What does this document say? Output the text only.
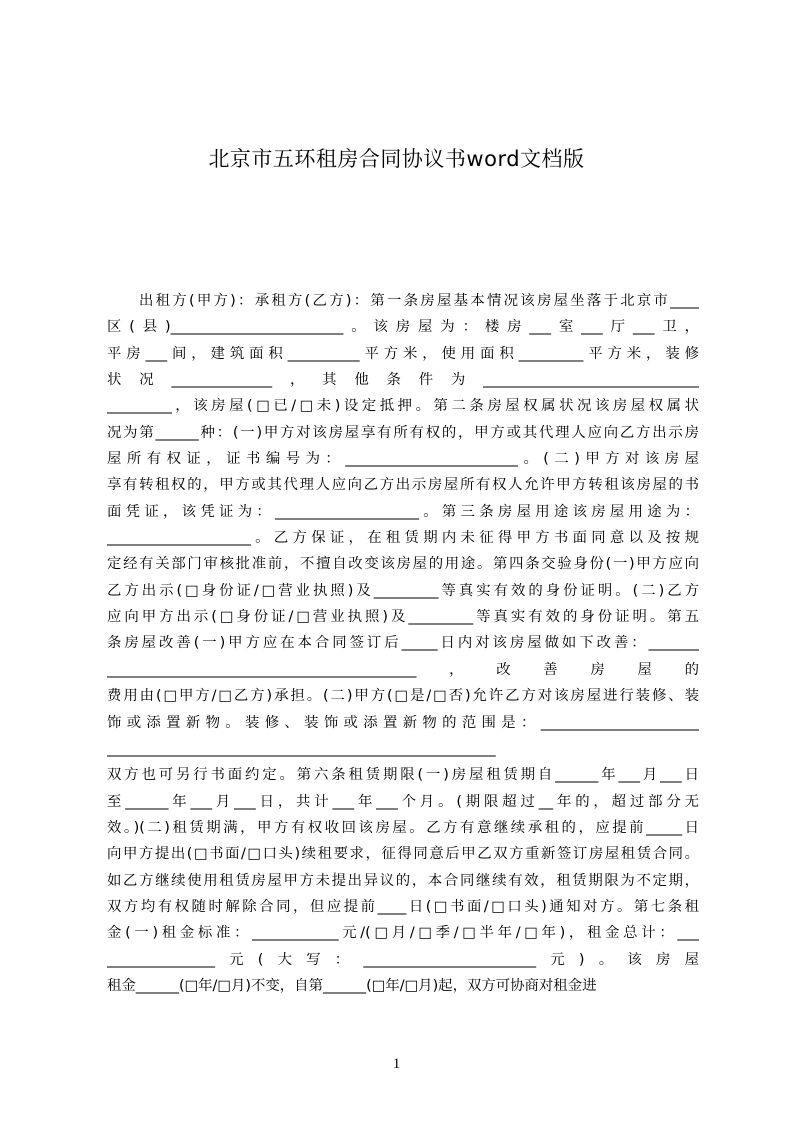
北京市五环租房合同协议书word文档版
出租方(甲方)：承租方(乙方)：第一条房屋基本情况该房屋坐落于北京市____
区(县)________________________。该房屋为：楼房___室___厅___卫，
平房___间，建筑面积__________平方米，使用面积_________平方米，装修
状况______________，其他条件为______________________________
_________，该房屋(□已/□未)设定抵押。第二条房屋权属状况该房屋权属状
况为第______种：(一)甲方对该房屋享有所有权的，甲方或其代理人应向乙方出示房
屋所有权证，证书编号为：________________________。(二)甲方对该房屋
享有转租权的，甲方或其代理人应向乙方出示房屋所有权人允许甲方转租该房屋的书
面凭证，该凭证为：____________________。第三条房屋用途该房屋用途为：
____________________。乙方保证，在租赁期内未征得甲方书面同意以及按规
定经有关部门审核批准前，不擅自改变该房屋的用途。第四条交验身份(一)甲方应向
乙方出示(□身份证/□营业执照)及_________等真实有效的身份证明。(二)乙方
应向甲方出示(□身份证/□营业执照)及_________等真实有效的身份证明。第五
条房屋改善(一)甲方应在本合同签订后_____日内对该房屋做如下改善：_______
___________________________________________，改善房屋的
费用由(□甲方/□乙方)承担。(二)甲方(□是/□否)允许乙方对该房屋进行装修、装
饰或添置新物。装修、装饰或添置新物的范围是：______________________
______________________________________________________
双方也可另行书面约定。第六条租赁期限(一)房屋租赁期自______年___月___日
至______年___月___日，共计___年___个月。(期限超过__年的，超过部分无
效。)(二)租赁期满，甲方有权收回该房屋。乙方有意继续承租的，应提前_____日
向甲方提出(□书面/□口头)续租要求，征得同意后甲乙双方重新签订房屋租赁合同。
如乙方继续使用租赁房屋甲方未提出异议的，本合同继续有效，租赁期限为不定期，
双方均有权随时解除合同，但应提前____日(□书面/□口头)通知对方。第七条租
金(一)租金标准：____________元/(□月/□季/□半年/□年)，租金总计：___
_______________元(大写：________________________元)。该房屋
租金______(□年/□月)不变，自第______(□年/□月)起，双方可协商对租金进
1
